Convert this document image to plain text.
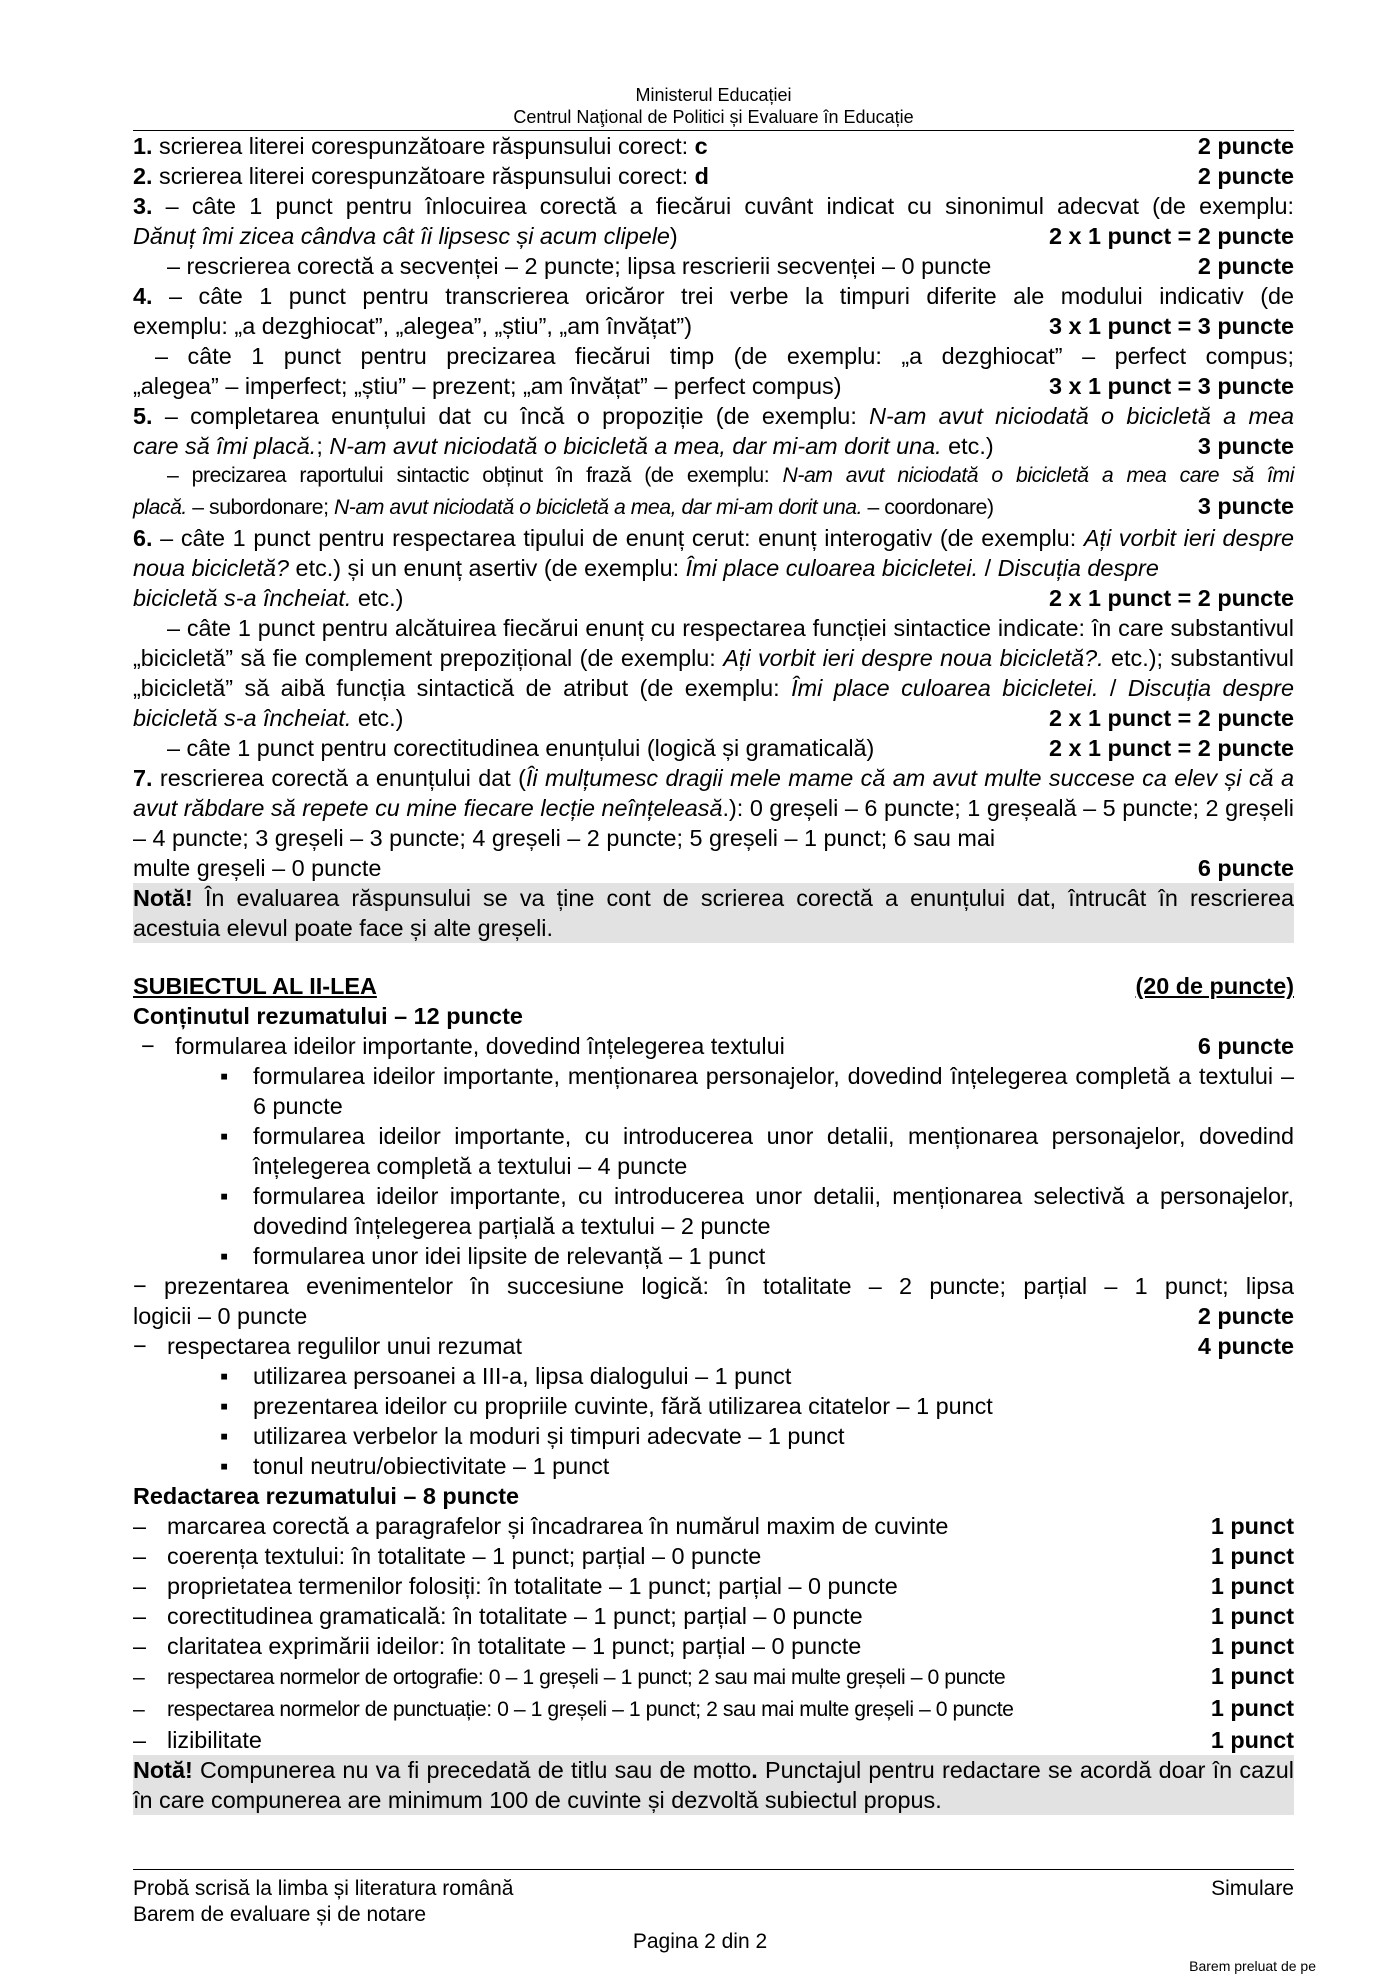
Ministerul Educației
Centrul Naţional de Politici și Evaluare în Educație
1. scrierea literei corespunzătoare răspunsului corect: c	2 puncte
2. scrierea literei corespunzătoare răspunsului corect: d	2 puncte
3. – câte 1 punct pentru înlocuirea corectă a fiecărui cuvânt indicat cu sinonimul adecvat (de exemplu:
Dănuț îmi zicea cândva cât îi lipsesc și acum clipele)	2 x 1 punct = 2 puncte
– rescrierea corectă a secvenței – 2 puncte; lipsa rescrierii secvenței – 0 puncte	2 puncte
4. – câte 1 punct pentru transcrierea oricăror trei verbe la timpuri diferite ale modului indicativ (de
exemplu: „a dezghiocat”, „alegea”, „știu”, „am învățat”)	3 x 1 punct = 3 puncte
– câte 1 punct pentru precizarea fiecărui timp (de exemplu: „a dezghiocat” – perfect compus;
„alegea” – imperfect; „știu” – prezent; „am învățat” – perfect compus)	3 x 1 punct = 3 puncte
5. – completarea enunțului dat cu încă o propoziție (de exemplu: N-am avut niciodată o bicicletă a mea
care să îmi placă.; N-am avut niciodată o bicicletă a mea, dar mi-am dorit una. etc.)	3 puncte
– precizarea raportului sintactic obținut în frază (de exemplu: N-am avut niciodată o bicicletă a mea care să îmi
placă. – subordonare; N-am avut niciodată o bicicletă a mea, dar mi-am dorit una. – coordonare)	3 puncte
6. – câte 1 punct pentru respectarea tipului de enunț cerut: enunț interogativ (de exemplu: Ați vorbit ieri despre noua bicicletă? etc.) și un enunț asertiv (de exemplu: Îmi place culoarea bicicletei. / Discuția despre
bicicletă s-a încheiat. etc.)	2 x 1 punct = 2 puncte
– câte 1 punct pentru alcătuirea fiecărui enunț cu respectarea funcției sintactice indicate: în care substantivul „bicicletă” să fie complement prepozițional (de exemplu: Ați vorbit ieri despre noua bicicletă?. etc.); substantivul „bicicletă” să aibă funcția sintactică de atribut (de exemplu: Îmi place culoarea bicicletei. / Discuția despre bicicletă s-a încheiat. etc.)	2 x 1 punct = 2 puncte
– câte 1 punct pentru corectitudinea enunțului (logică și gramaticală)	2 x 1 punct = 2 puncte
7. rescrierea corectă a enunțului dat (Îi mulțumesc dragii mele mame că am avut multe succese ca elev și că a avut răbdare să repete cu mine fiecare lecție neînțeleasă.): 0 greșeli – 6 puncte; 1 greșeală – 5 puncte; 2 greșeli – 4 puncte; 3 greșeli – 3 puncte; 4 greșeli – 2 puncte; 5 greșeli – 1 punct; 6 sau mai
multe greșeli – 0 puncte	6 puncte
Notă! În evaluarea răspunsului se va ține cont de scrierea corectă a enunțului dat, întrucât în rescrierea acestuia elevul poate face și alte greșeli.
SUBIECTUL AL II-LEA	(20 de puncte)
Conținutul rezumatului – 12 puncte
− formularea ideilor importante, dovedind înțelegerea textului	6 puncte
▪ formularea ideilor importante, menționarea personajelor, dovedind înțelegerea completă a textului – 6 puncte
▪ formularea ideilor importante, cu introducerea unor detalii, menționarea personajelor, dovedind înțelegerea completă a textului – 4 puncte
▪ formularea ideilor importante, cu introducerea unor detalii, menționarea selectivă a personajelor, dovedind înțelegerea parțială a textului – 2 puncte
▪ formularea unor idei lipsite de relevanță – 1 punct
− prezentarea evenimentelor în succesiune logică: în totalitate – 2 puncte; parțial – 1 punct; lipsa
logicii – 0 puncte	2 puncte
− respectarea regulilor unui rezumat	4 puncte
▪ utilizarea persoanei a III-a, lipsa dialogului – 1 punct
▪ prezentarea ideilor cu propriile cuvinte, fără utilizarea citatelor – 1 punct
▪ utilizarea verbelor la moduri și timpuri adecvate – 1 punct
▪ tonul neutru/obiectivitate – 1 punct
Redactarea rezumatului – 8 puncte
– marcarea corectă a paragrafelor și încadrarea în numărul maxim de cuvinte	1 punct
– coerența textului: în totalitate – 1 punct; parțial – 0 puncte	1 punct
– proprietatea termenilor folosiți: în totalitate – 1 punct; parțial – 0 puncte	1 punct
– corectitudinea gramaticală: în totalitate – 1 punct; parțial – 0 puncte	1 punct
– claritatea exprimării ideilor: în totalitate – 1 punct; parțial – 0 puncte	1 punct
– respectarea normelor de ortografie: 0 – 1 greșeli – 1 punct; 2 sau mai multe greșeli – 0 puncte	1 punct
– respectarea normelor de punctuație: 0 – 1 greșeli – 1 punct; 2 sau mai multe greșeli – 0 puncte	1 punct
– lizibilitate	1 punct
Notă! Compunerea nu va fi precedată de titlu sau de motto. Punctajul pentru redactare se acordă doar în cazul în care compunerea are minimum 100 de cuvinte și dezvoltă subiectul propus.
Probă scrisă la limba și literatura română	Simulare
Barem de evaluare și de notare
Pagina 2 din 2
Barem preluat de pe
